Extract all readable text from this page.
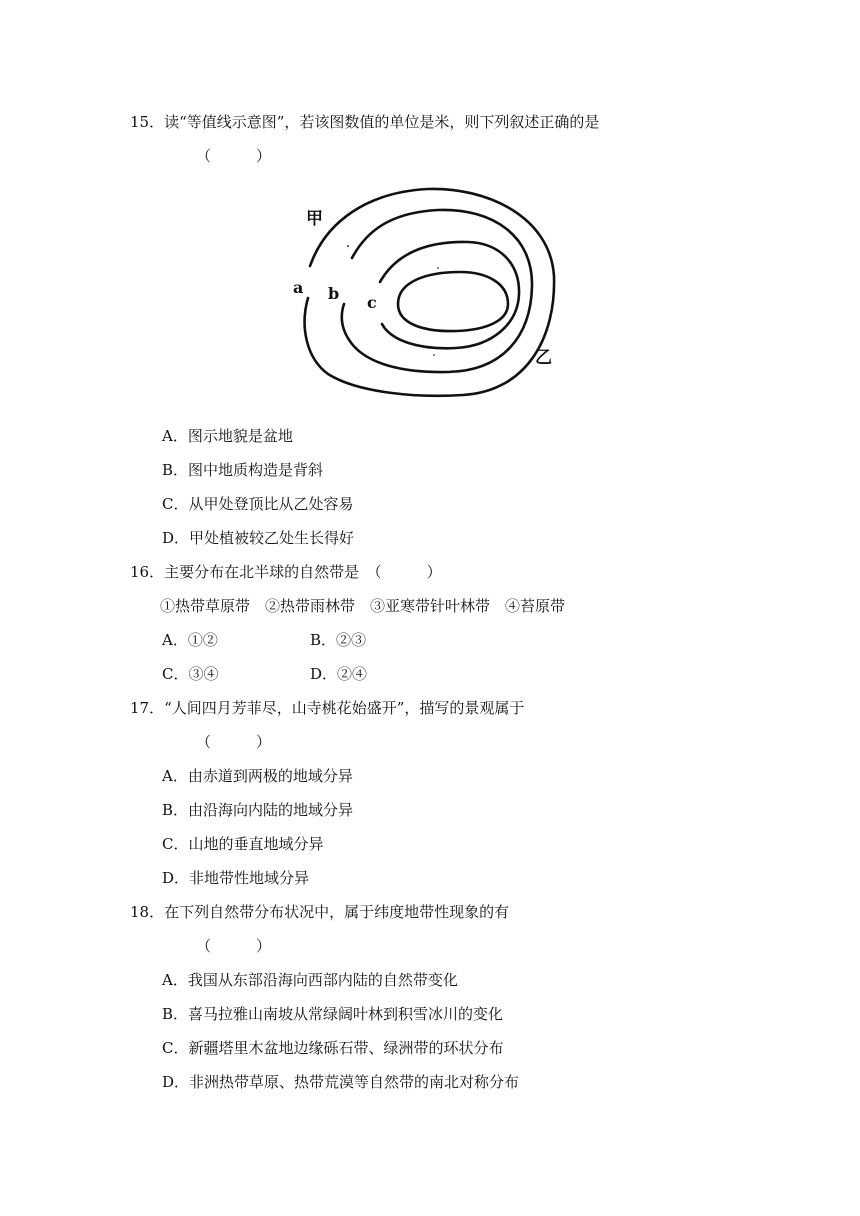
15．读“等值线示意图”，若该图数值的单位是米，则下列叙述正确的是
（　　　）
甲
a b c
乙
A．图示地貌是盆地
B．图中地质构造是背斜
C．从甲处登顶比从乙处容易
D．甲处植被较乙处生长得好
16．主要分布在北半球的自然带是　（　　　）
①热带草原带　②热带雨林带　③亚寒带针叶林带　④苔原带
A．①②	B．②③
C．③④	D．②④
17．“人间四月芳菲尽，山寺桃花始盛开”，描写的景观属于
（　　　）
A．由赤道到两极的地域分异
B．由沿海向内陆的地域分异
C．山地的垂直地域分异
D．非地带性地域分异
18．在下列自然带分布状况中，属于纬度地带性现象的有
（　　　）
A．我国从东部沿海向西部内陆的自然带变化
B．喜马拉雅山南坡从常绿阔叶林到积雪冰川的变化
C．新疆塔里木盆地边缘砾石带、绿洲带的环状分布
D．非洲热带草原、热带荒漠等自然带的南北对称分布
